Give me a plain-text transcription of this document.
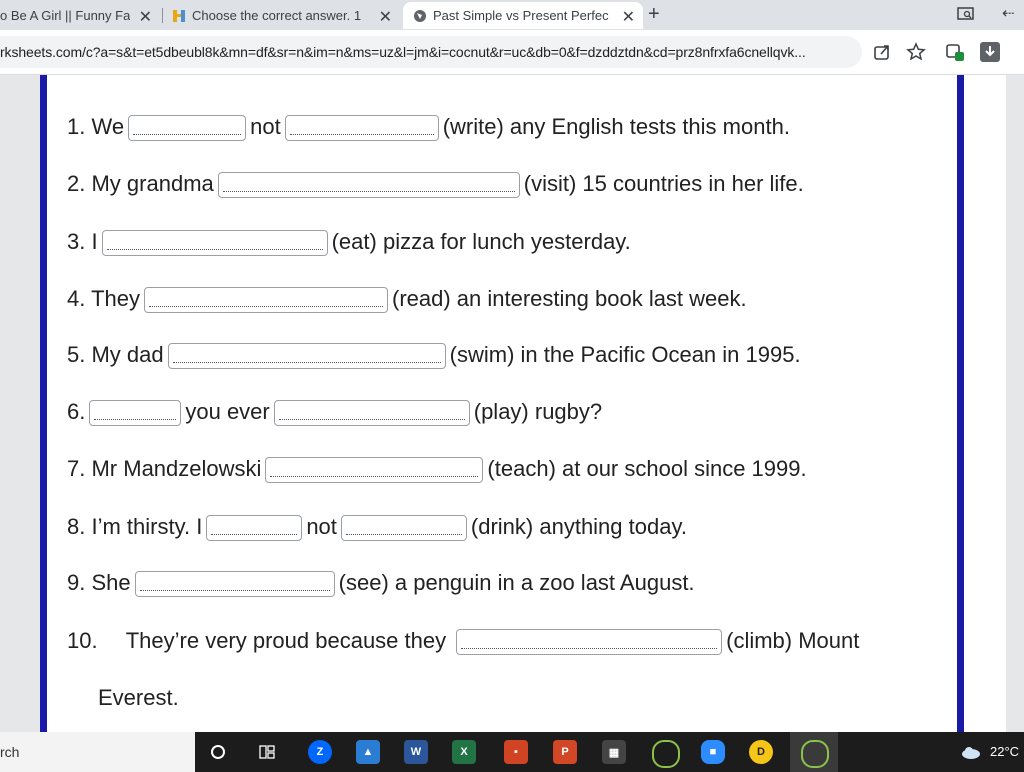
o Be A Girl || Funny Fa ✕	Choose the correct answer. 1	✕	Past Simple vs Present Perfec ✕ +	⇠
rksheets.com/c?a=s&t=et5dbeubl8k&mn=df&sr=n&im=n&ms=uz&l=jm&i=cocnut&r=uc&db=0&f=dzddztdn&cd=prz8nfrxfa6cnellqvk...
1. We	not	(write) any English tests this month.
2. My grandma	(visit) 15 countries in her life.
3. I	(eat) pizza for lunch yesterday.
4. They	(read) an interesting book last week.
5. My dad	(swim) in the Pacific Ocean in 1995.
6.	you ever	(play) rugby?
7. Mr Mandzelowski	(teach) at our school since 1999.
8. I’m thirsty. I	not	(drink) anything today.
9. She	(see) a penguin in a zoo last August.
10. They’re very proud because they	(climb) Mount
Everest.
rch	Z	▲	W	X	▪	P	▦	■	D	22°C
